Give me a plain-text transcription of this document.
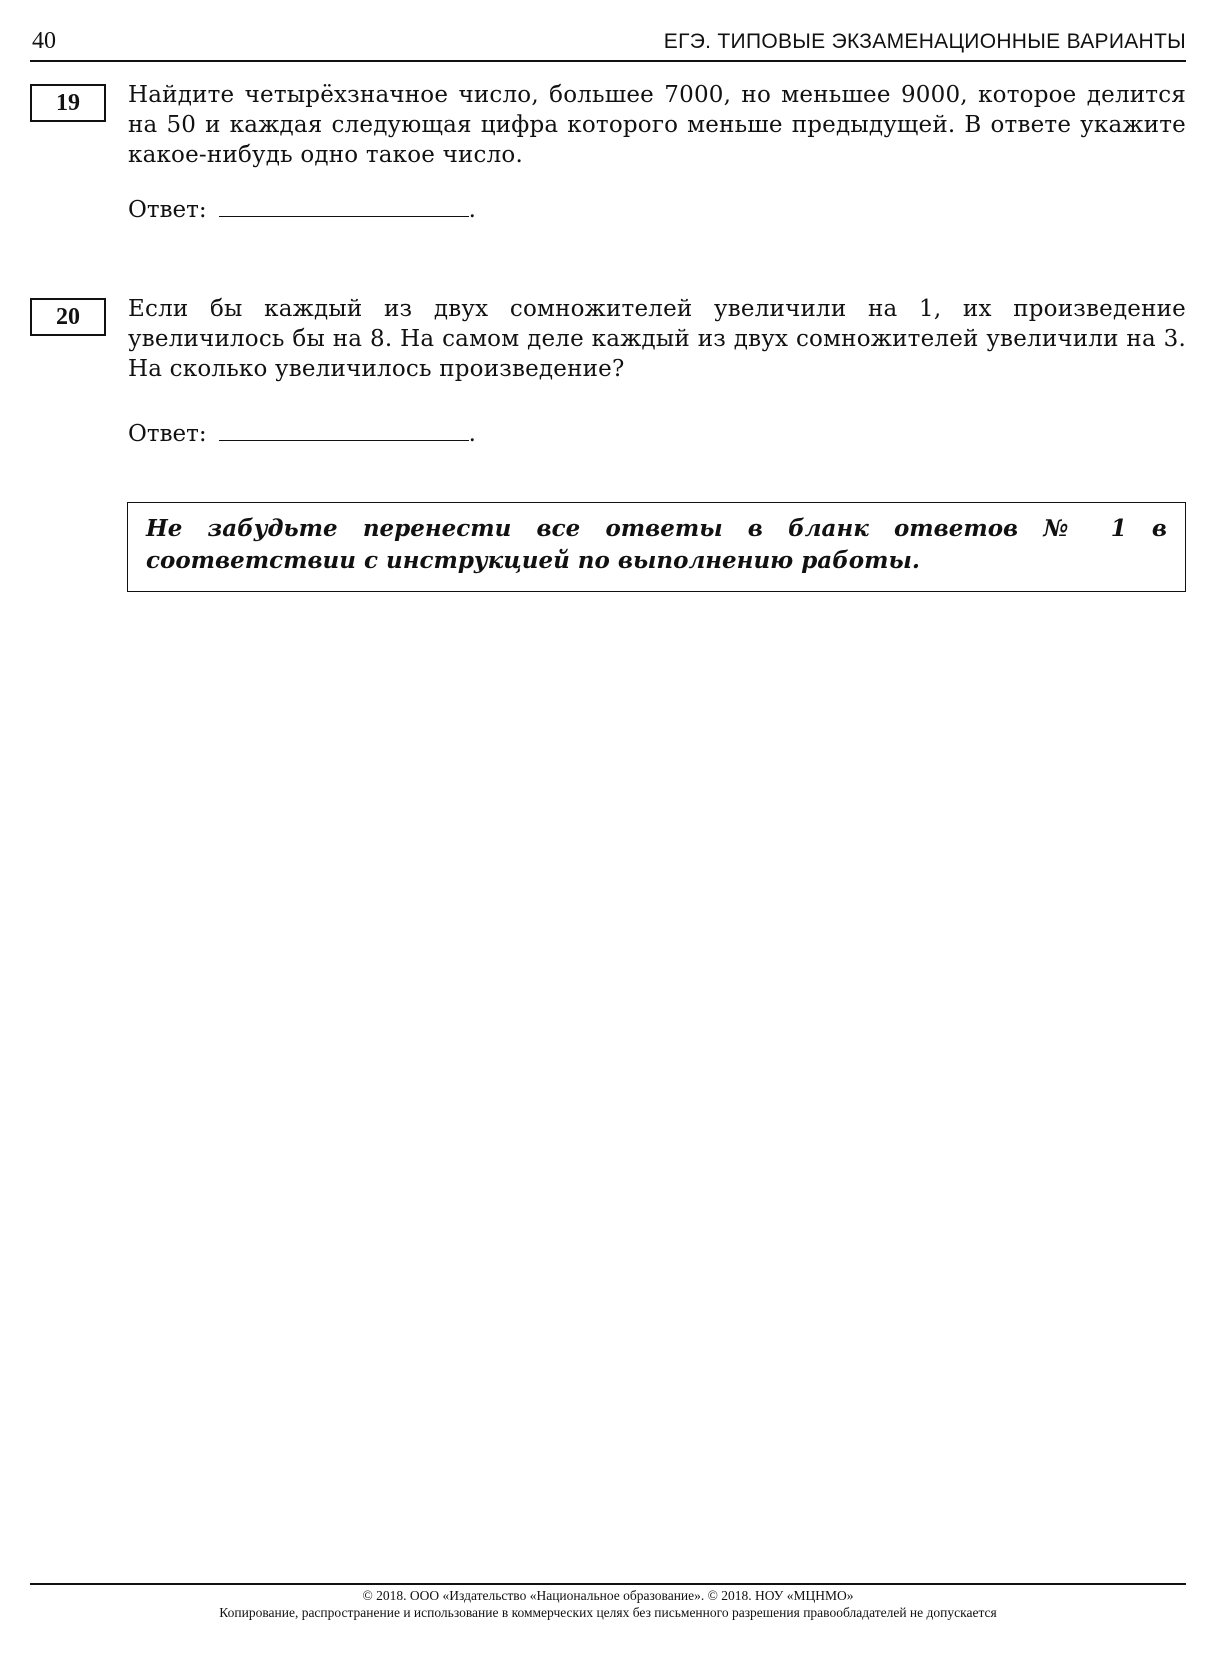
40	ЕГЭ. ТИПОВЫЕ ЭКЗАМЕНАЦИОННЫЕ ВАРИАНТЫ
19	Найдите четырёхзначное число, большее 7000, но меньшее 9000, которое делится на 50 и каждая следующая цифра которого меньше предыдущей. В ответе укажите какое-нибудь одно такое число.
Ответ:	.
20	Если бы каждый из двух сомножителей увеличили на 1, их произведение увеличилось бы на 8. На самом деле каждый из двух сомножителей увеличили на 3. На сколько увеличилось произведение?
Ответ:	.
Не забудьте перенести все ответы в бланк ответов № 1 в соответствии с инструкцией по выполнению работы.
© 2018. ООО «Издательство «Национальное образование». © 2018. НОУ «МЦНМО»
Копирование, распространение и использование в коммерческих целях без письменного разрешения правообладателей не допускается
